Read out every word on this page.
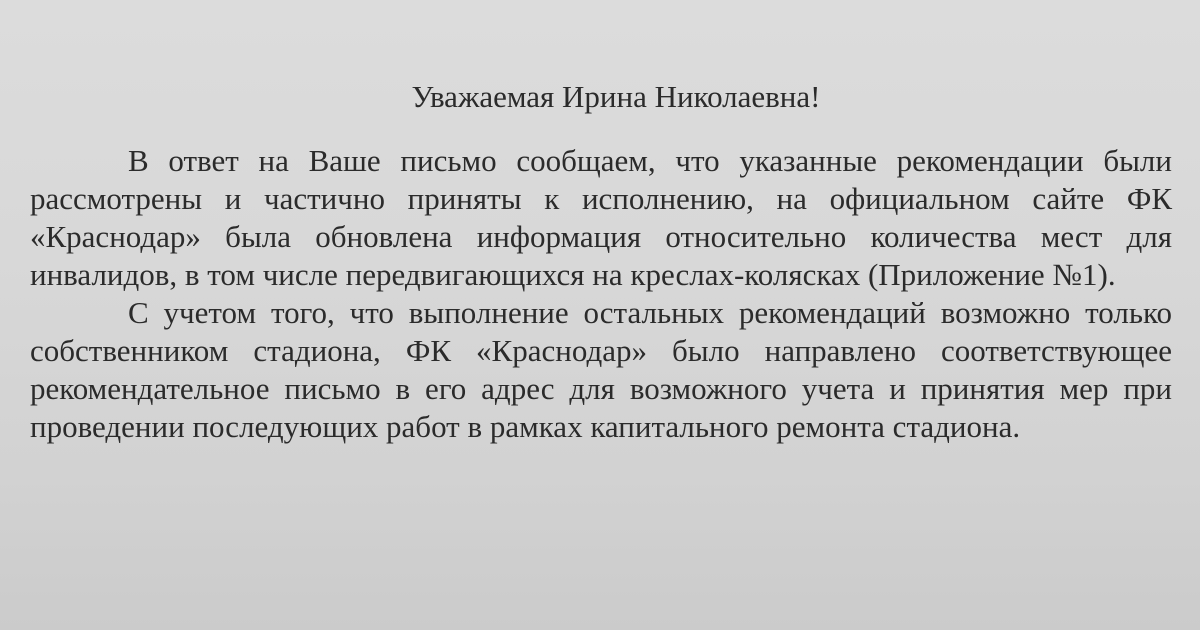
Уважаемая Ирина Николаевна!

В ответ на Ваше письмо сообщаем, что указанные рекомендации были рассмотрены и частично приняты к исполнению, на официальном сайте ФК «Краснодар» была обновлена информация относительно количества мест для инвалидов, в том числе передвигающихся на креслах-колясках (Приложение №1).

С учетом того, что выполнение остальных рекомендаций возможно только собственником стадиона, ФК «Краснодар» было направлено соответствующее рекомендательное письмо в его адрес для возможного учета и принятия мер при проведении последующих работ в рамках капитального ремонта стадиона.
